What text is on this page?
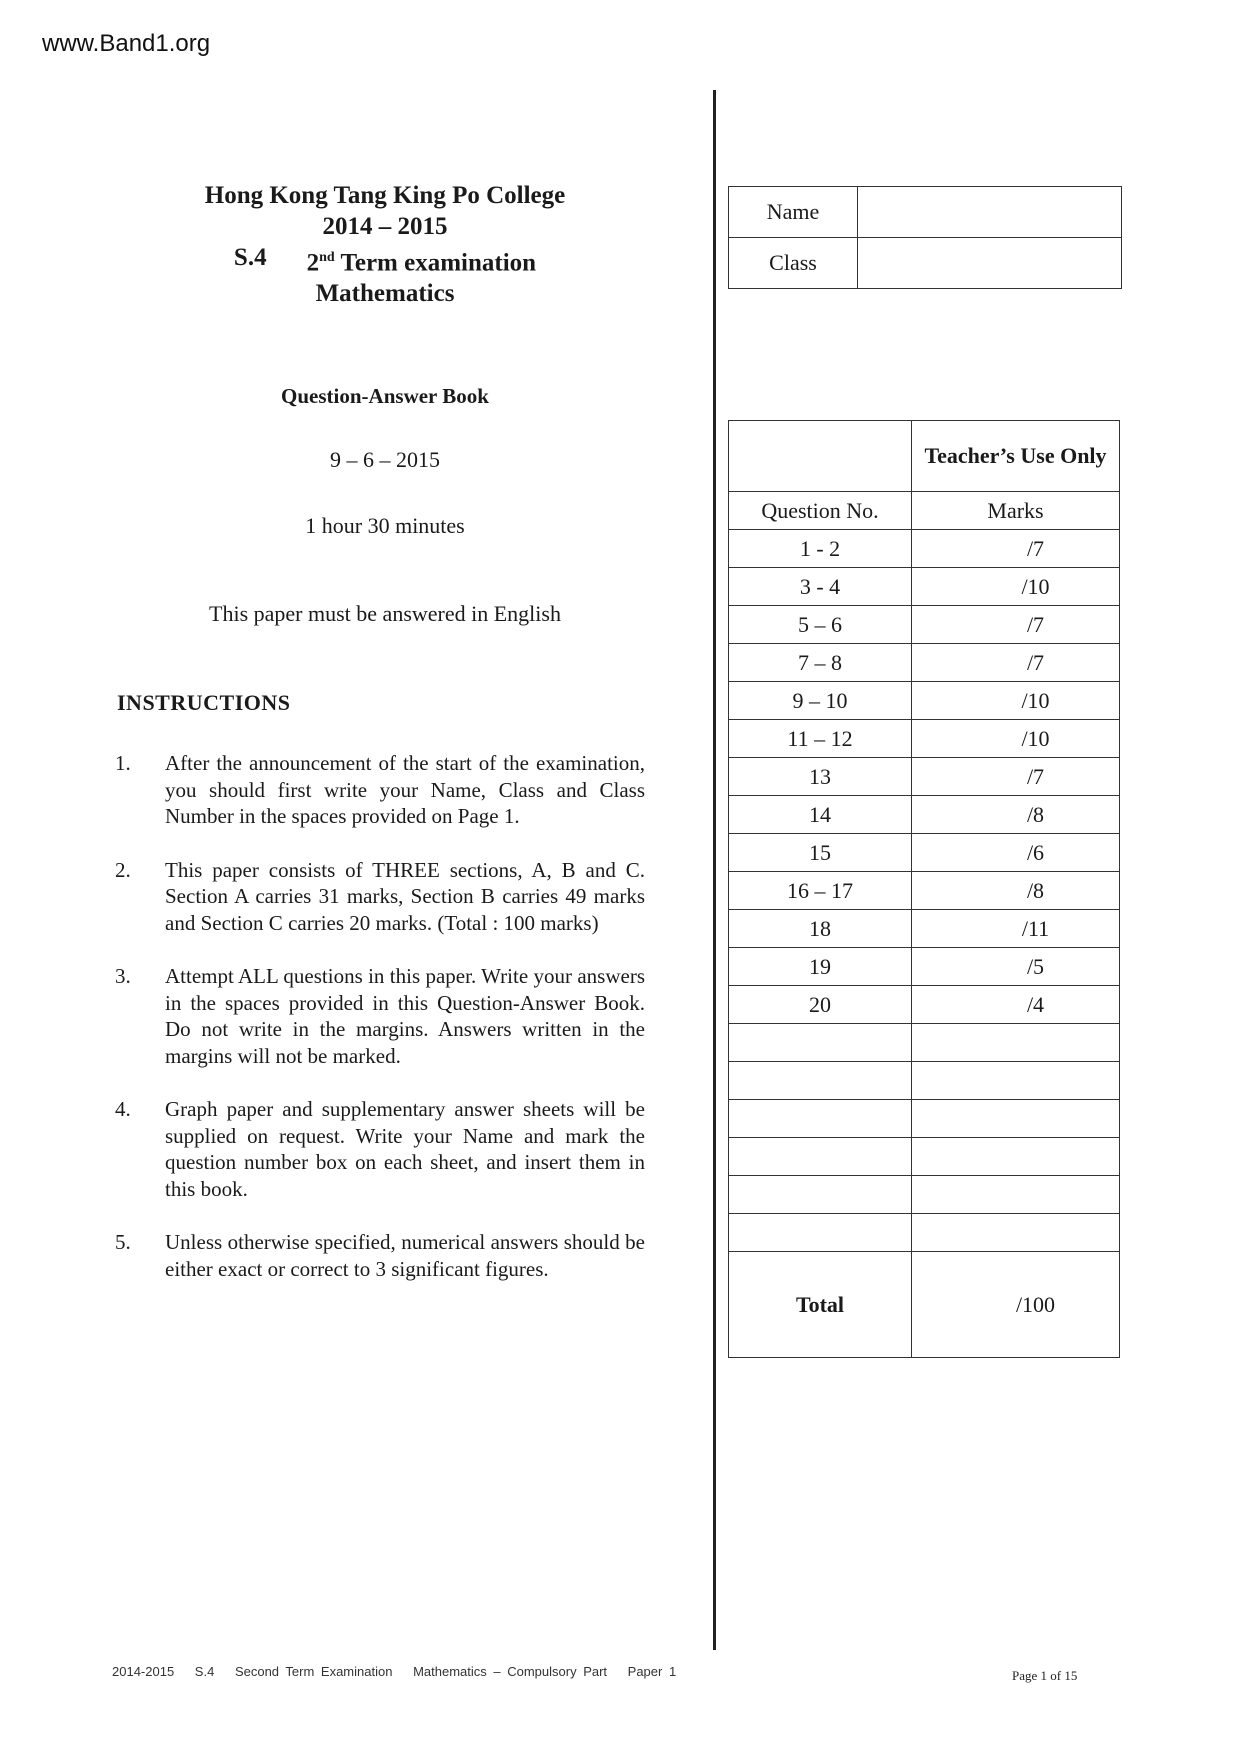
www.Band1.org
Hong Kong Tang King Po College
2014 – 2015
S.4 2nd Term examination
Mathematics
Question-Answer Book
9 – 6 – 2015
1 hour 30 minutes
This paper must be answered in English
INSTRUCTIONS
1.	After the announcement of the start of the examination, you should first write your Name, Class and Class Number in the spaces provided on Page 1.
2.	This paper consists of THREE sections, A, B and C. Section A carries 31 marks, Section B carries 49 marks and Section C carries 20 marks. (Total : 100 marks)
3.	Attempt ALL questions in this paper. Write your answers in the spaces provided in this Question-Answer Book. Do not write in the margins. Answers written in the margins will not be marked.
4.	Graph paper and supplementary answer sheets will be supplied on request. Write your Name and mark the question number box on each sheet, and insert them in this book.
5.	Unless otherwise specified, numerical answers should be either exact or correct to 3 significant figures.
Name	
Class	
	Teacher’s Use Only
Question No.	Marks
1 - 2	/7
3 - 4	/10
5 – 6	/7
7 – 8	/7
9 – 10	/10
11 – 12	/10
13	/7
14	/8
15	/6
16 – 17	/8
18	/11
19	/5
20	/4

Total	/100
2014-2015 S.4 Second Term Examination Mathematics – Compulsory Part Paper 1	Page 1 of 15
